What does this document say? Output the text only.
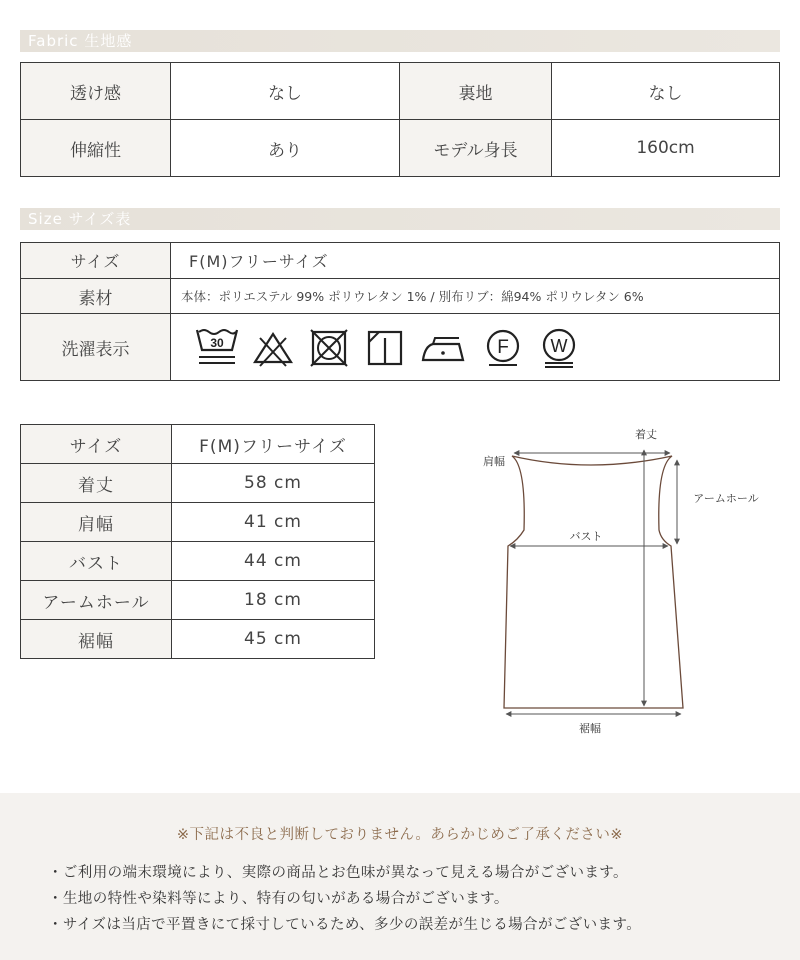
Fabric 生地感
透け感	なし	裏地	なし
伸縮性	あり	モデル身長	160cm
Size サイズ表
サイズ	F(M)フリーサイズ
素材	本体：ポリエステル 99% ポリウレタン 1% / 別布リブ：綿94% ポリウレタン 6%
洗濯表示	30 F W
サイズ	F(M)フリーサイズ
着丈	58 cm
肩幅	41 cm
バスト	44 cm
アームホール	18 cm
裾幅	45 cm
着丈
肩幅
アームホール
バスト
裾幅
※下記は不良と判断しておりません。あらかじめご了承ください※
・ご利用の端末環境により、実際の商品とお色味が異なって見える場合がございます。
・生地の特性や染料等により、特有の匂いがある場合がございます。
・サイズは当店で平置きにて採寸しているため、多少の誤差が生じる場合がございます。
